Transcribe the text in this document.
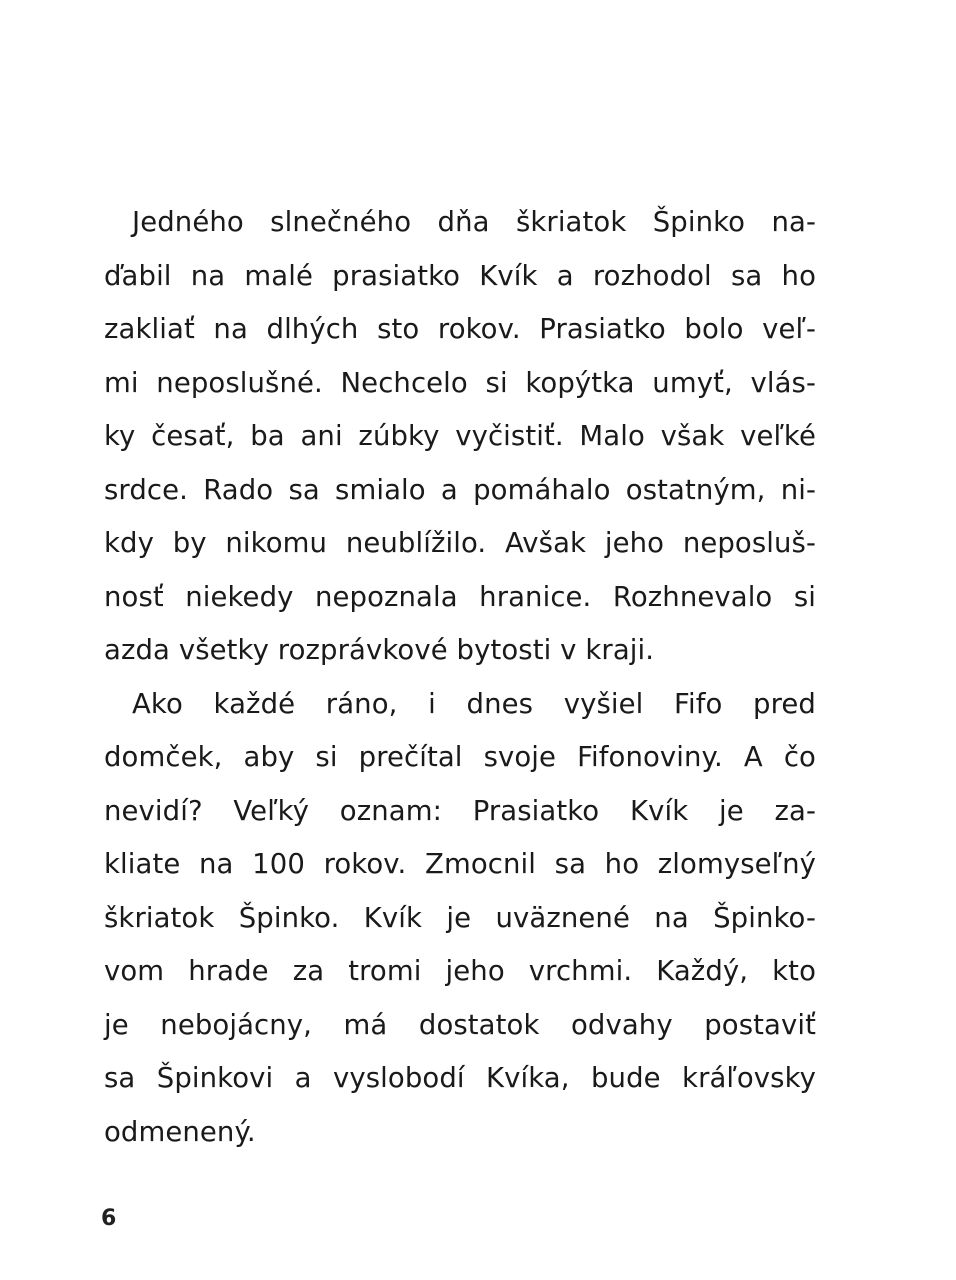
Jedného slnečného dňa škriatok Špinko na-
ďabil na malé prasiatko Kvík a rozhodol sa ho
zakliať na dlhých sto rokov. Prasiatko bolo veľ-
mi neposlušné. Nechcelo si kopýtka umyť, vlás-
ky česať, ba ani zúbky vyčistiť. Malo však veľké
srdce. Rado sa smialo a pomáhalo ostatným, ni-
kdy by nikomu neublížilo. Avšak jeho neposluš-
nosť niekedy nepoznala hranice. Rozhnevalo si
azda všetky rozprávkové bytosti v kraji.
Ako každé ráno, i dnes vyšiel Fifo pred
domček, aby si prečítal svoje Fifonoviny. A čo
nevidí? Veľký oznam: Prasiatko Kvík je za-
kliate na 100 rokov. Zmocnil sa ho zlomyseľný
škriatok Špinko. Kvík je uväznené na Špinko-
vom hrade za tromi jeho vrchmi. Každý, kto
je nebojácny, má dostatok odvahy postaviť
sa Špinkovi a vyslobodí Kvíka, bude kráľovsky
odmenený.
6
